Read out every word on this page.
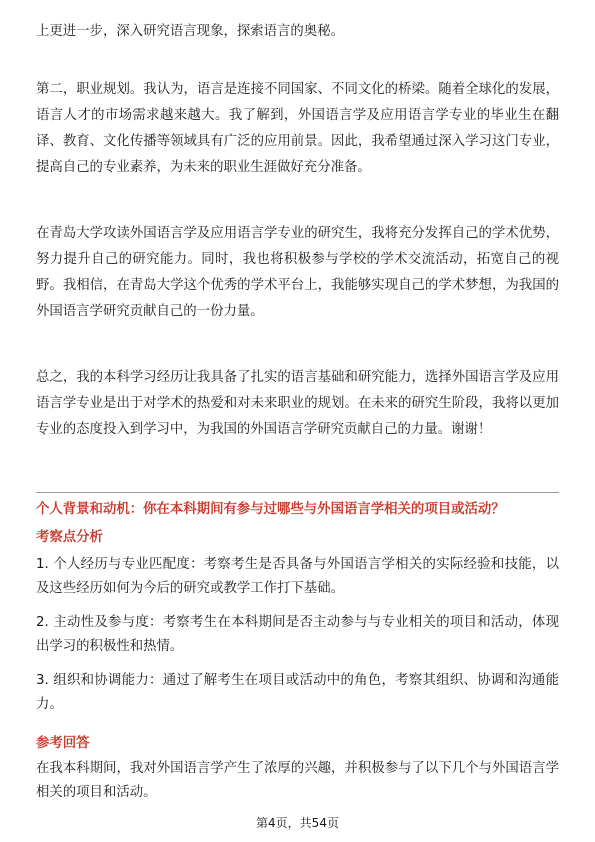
上更进一步，深入研究语言现象，探索语言的奥秘。

第二，职业规划。我认为，语言是连接不同国家、不同文化的桥梁。随着全球化的发展，语言人才的市场需求越来越大。我了解到，外国语言学及应用语言学专业的毕业生在翻译、教育、文化传播等领域具有广泛的应用前景。因此，我希望通过深入学习这门专业，提高自己的专业素养，为未来的职业生涯做好充分准备。

在青岛大学攻读外国语言学及应用语言学专业的研究生，我将充分发挥自己的学术优势，努力提升自己的研究能力。同时，我也将积极参与学校的学术交流活动，拓宽自己的视野。我相信，在青岛大学这个优秀的学术平台上，我能够实现自己的学术梦想，为我国的外国语言学研究贡献自己的一份力量。

总之，我的本科学习经历让我具备了扎实的语言基础和研究能力，选择外国语言学及应用语言学专业是出于对学术的热爱和对未来职业的规划。在未来的研究生阶段，我将以更加专业的态度投入到学习中，为我国的外国语言学研究贡献自己的力量。谢谢！

个人背景和动机：你在本科期间有参与过哪些与外国语言学相关的项目或活动？

考察点分析

1. 个人经历与专业匹配度：考察考生是否具备与外国语言学相关的实际经验和技能，以及这些经历如何为今后的研究或教学工作打下基础。

2. 主动性及参与度：考察考生在本科期间是否主动参与与专业相关的项目和活动，体现出学习的积极性和热情。

3. 组织和协调能力：通过了解考生在项目或活动中的角色，考察其组织、协调和沟通能力。

参考回答

在我本科期间，我对外国语言学产生了浓厚的兴趣，并积极参与了以下几个与外国语言学相关的项目和活动。

第4页，共54页
